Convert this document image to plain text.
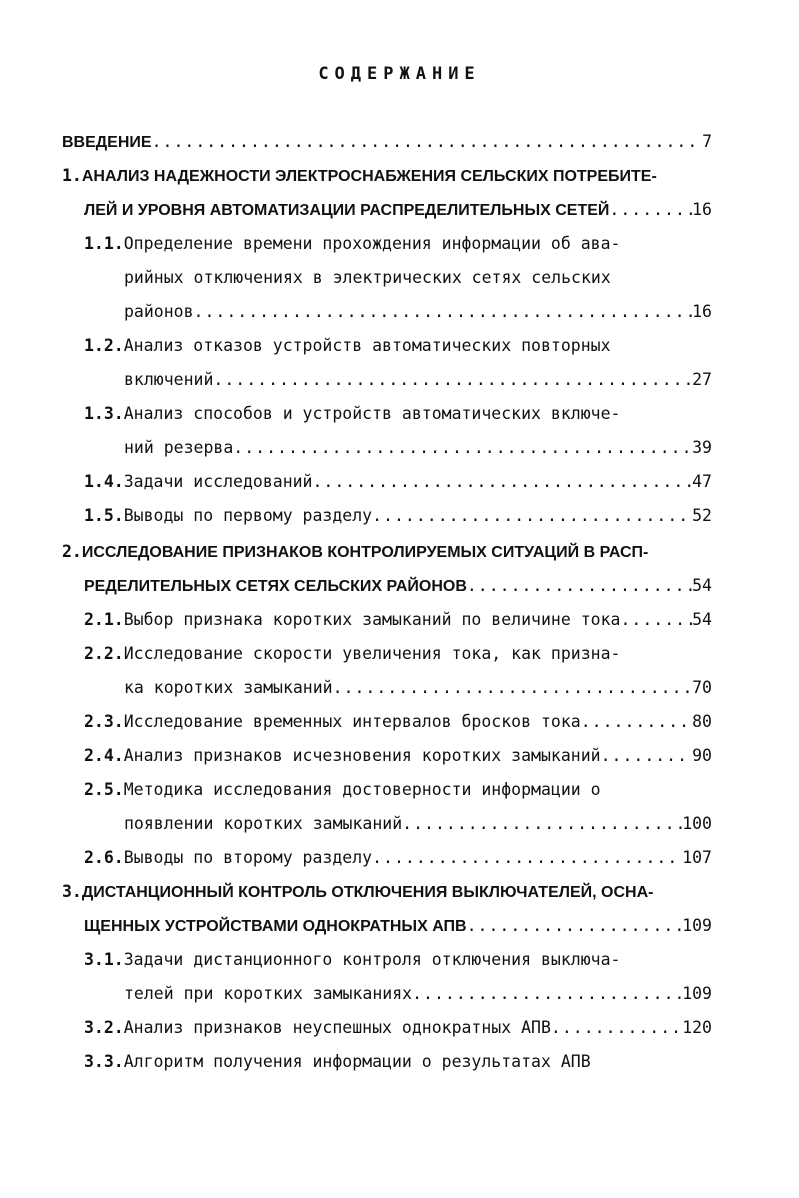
СОДЕРЖАНИЕ
ВВЕДЕНИЕ .....	7
1.АНАЛИЗ НАДЕЖНОСТИ ЭЛЕКТРОСНАБЖЕНИЯ СЕЛЬСКИХ ПОТРЕБИТЕ-
ЛЕЙ И УРОВНЯ АВТОМАТИЗАЦИИ РАСПРЕДЕЛИТЕЛЬНЫХ СЕТЕЙ .....	16
1.1.Определение времени прохождения информации об ава-
рийных отключениях в электрических сетях сельских
районов .....	16
1.2.Анализ отказов устройств автоматических повторных
включений .....	27
1.3.Анализ способов и устройств автоматических включе-
ний резерва .....	39
1.4.Задачи исследований .....	47
1.5.Выводы по первому разделу .....	52
2.ИССЛЕДОВАНИЕ ПРИЗНАКОВ КОНТРОЛИРУЕМЫХ СИТУАЦИЙ В РАСП-
РЕДЕЛИТЕЛЬНЫХ СЕТЯХ СЕЛЬСКИХ РАЙОНОВ .....	54
2.1.Выбор признака коротких замыканий по величине тока .....	54
2.2.Исследование скорости увеличения тока, как призна-
ка коротких замыканий .....	70
2.3.Исследование временных интервалов бросков тока .....	80
2.4.Анализ признаков исчезновения коротких замыканий .....	90
2.5.Методика исследования достоверности информации о
появлении коротких замыканий .....	100
2.6.Выводы по второму разделу .....	107
3.ДИСТАНЦИОННЫЙ КОНТРОЛЬ ОТКЛЮЧЕНИЯ ВЫКЛЮЧАТЕЛЕЙ, ОСНА-
ЩЕННЫХ УСТРОЙСТВАМИ ОДНОКРАТНЫХ АПВ .....	109
3.1.Задачи дистанционного контроля отключения выключа-
телей при коротких замыканиях .....	109
3.2.Анализ признаков неуспешных однократных АПВ .....	120
3.3.Алгоритм получения информации о результатах АПВ
